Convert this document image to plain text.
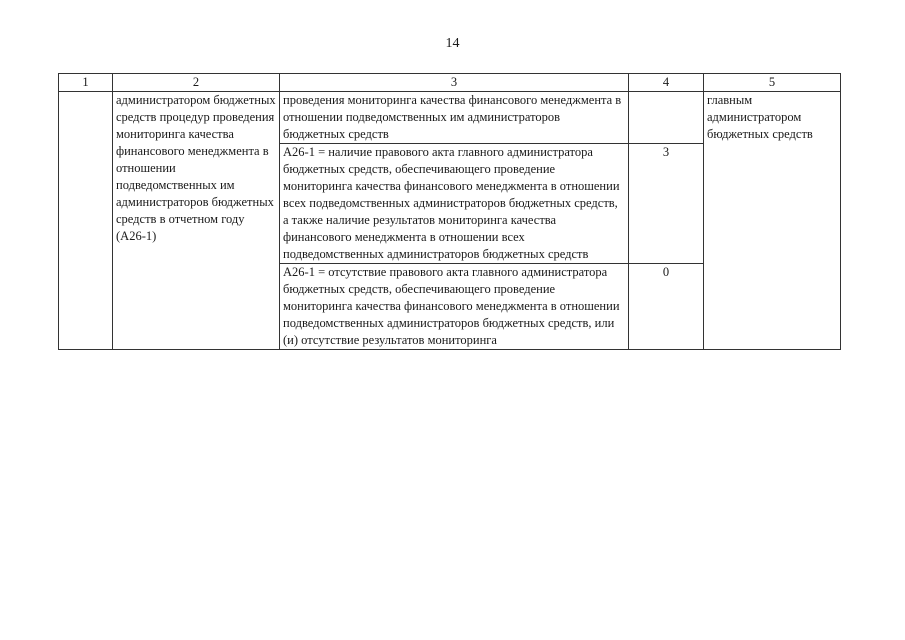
14
1	2	3	4	5
	администратором бюджетных средств процедур проведения мониторинга качества финансового менеджмента в отношении подведомственных им администраторов бюджетных средств в отчетном году (А26-1)	проведения мониторинга качества финансового менеджмента в отношении подведомственных им администраторов бюджетных средств		главным администратором бюджетных средств
		А26-1 = наличие правового акта главного администратора бюджетных средств, обеспечивающего проведение мониторинга качества финансового менеджмента в отношении всех подведомственных администраторов бюджетных средств, а также наличие результатов мониторинга качества финансового менеджмента в отношении всех подведомственных администраторов бюджетных средств	3	
		А26-1 = отсутствие правового акта главного администратора бюджетных средств, обеспечивающего проведение мониторинга качества финансового менеджмента в отношении подведомственных администраторов бюджетных средств, или (и) отсутствие результатов мониторинга	0	
